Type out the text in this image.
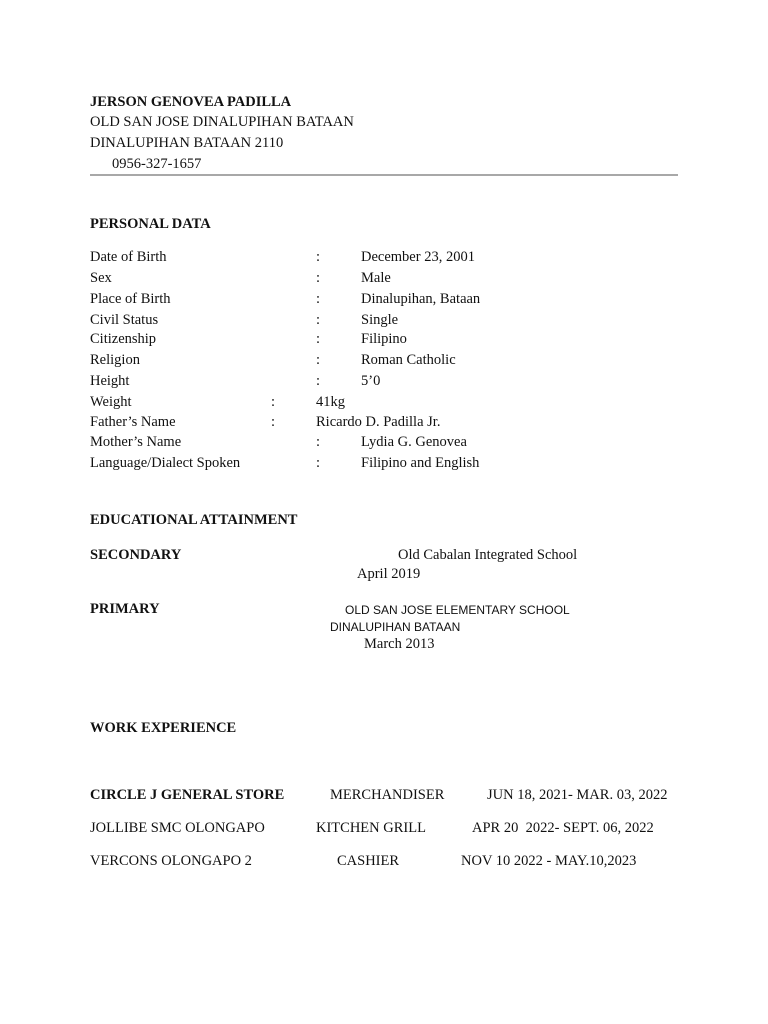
JERSON GENOVEA PADILLA
OLD SAN JOSE DINALUPIHAN BATAAN
DINALUPIHAN BATAAN 2110
0956-327-1657
PERSONAL DATA
Date of Birth	:	December 23, 2001
Sex	:	Male
Place of Birth	:	Dinalupihan, Bataan
Civil Status	:	Single
Citizenship	:	Filipino
Religion	:	Roman Catholic
Height	:	5’0
Weight	:	41kg
Father’s Name	:	Ricardo D. Padilla Jr.
Mother’s Name	:	Lydia G. Genovea
Language/Dialect Spoken	:	Filipino and English
EDUCATIONAL ATTAINMENT
SECONDARY	Old Cabalan Integrated School
April 2019
PRIMARY	OLD SAN JOSE ELEMENTARY SCHOOL
DINALUPIHAN BATAAN
March 2013
WORK EXPERIENCE
CIRCLE J GENERAL STORE	MERCHANDISER	JUN 18, 2021- MAR. 03, 2022
JOLLIBE SMC OLONGAPO	KITCHEN GRILL	APR 20  2022- SEPT. 06, 2022
VERCONS OLONGAPO 2	CASHIER	NOV 10 2022 - MAY.10,2023
